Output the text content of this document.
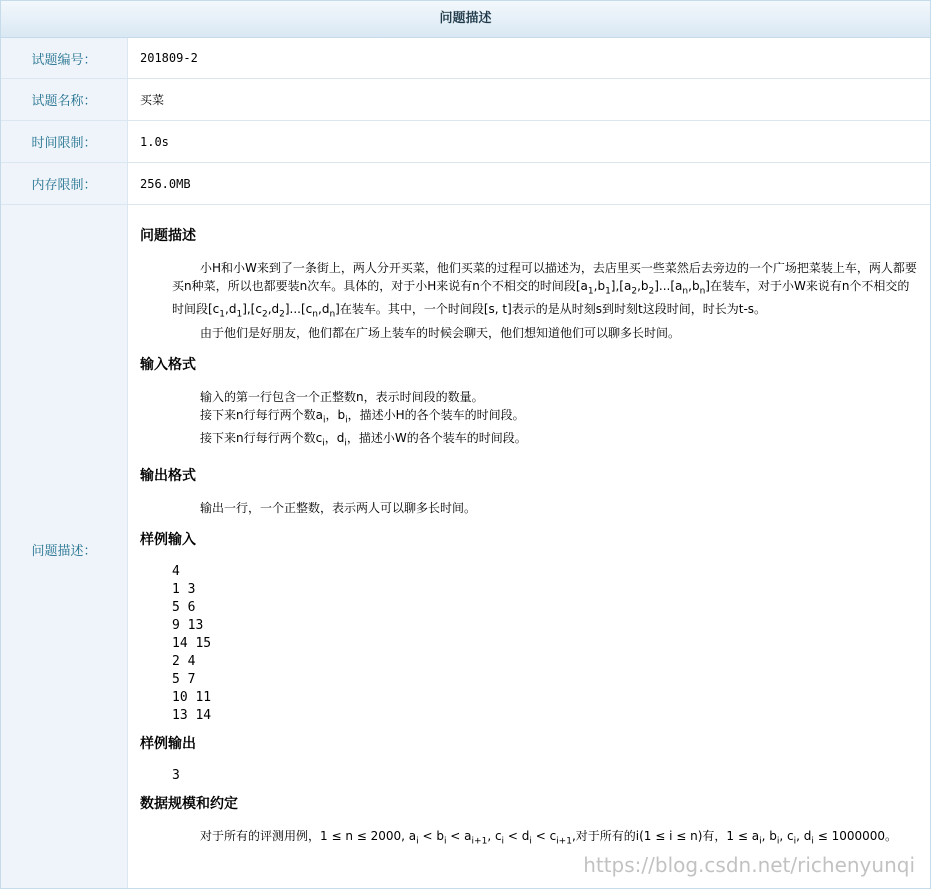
问题描述
试题编号：	201809-2
试题名称：	买菜
时间限制：	1.0s
内存限制：	256.0MB
问题描述：
问题描述
小H和小W来到了一条街上，两人分开买菜，他们买菜的过程可以描述为，去店里买一些菜然后去旁边的一个广场把菜装上车，两人都要买n种菜，所以也都要装n次车。具体的，对于小H来说有n个不相交的时间段$[a_1,b_1],[a_2,b_2]...[a_n,b_n]$在装车，对于小W来说有n个不相交的时间段$[c_1,d_1],[c_2,d_2]...[c_n,d_n]$在装车。其中，一个时间段[s, t]表示的是从时刻s到时刻t这段时间，时长为t-s。
由于他们是好朋友，他们都在广场上装车的时候会聊天，他们想知道他们可以聊多长时间。
输入格式
输入的第一行包含一个正整数n，表示时间段的数量。
接下来n行每行两个数$a_i$，$b_i$，描述小H的各个装车的时间段。
接下来n行每行两个数$c_i$，$d_i$，描述小W的各个装车的时间段。
输出格式
输出一行，一个正整数，表示两人可以聊多长时间。
样例输入
4
1 3
5 6
9 13
14 15
2 4
5 7
10 11
13 14
样例输出
3
数据规模和约定
对于所有的评测用例，1 ≤ n ≤ 2000, $a_i < b_i < a_{i+1}$, $c_i < d_i < c_{i+1}$,对于所有的i(1 ≤ i ≤ n)有，$1 \le a_i$, $b_i$, $c_i$, $d_i \le 1000000$。
https://blog.csdn.net/richenyunqi
